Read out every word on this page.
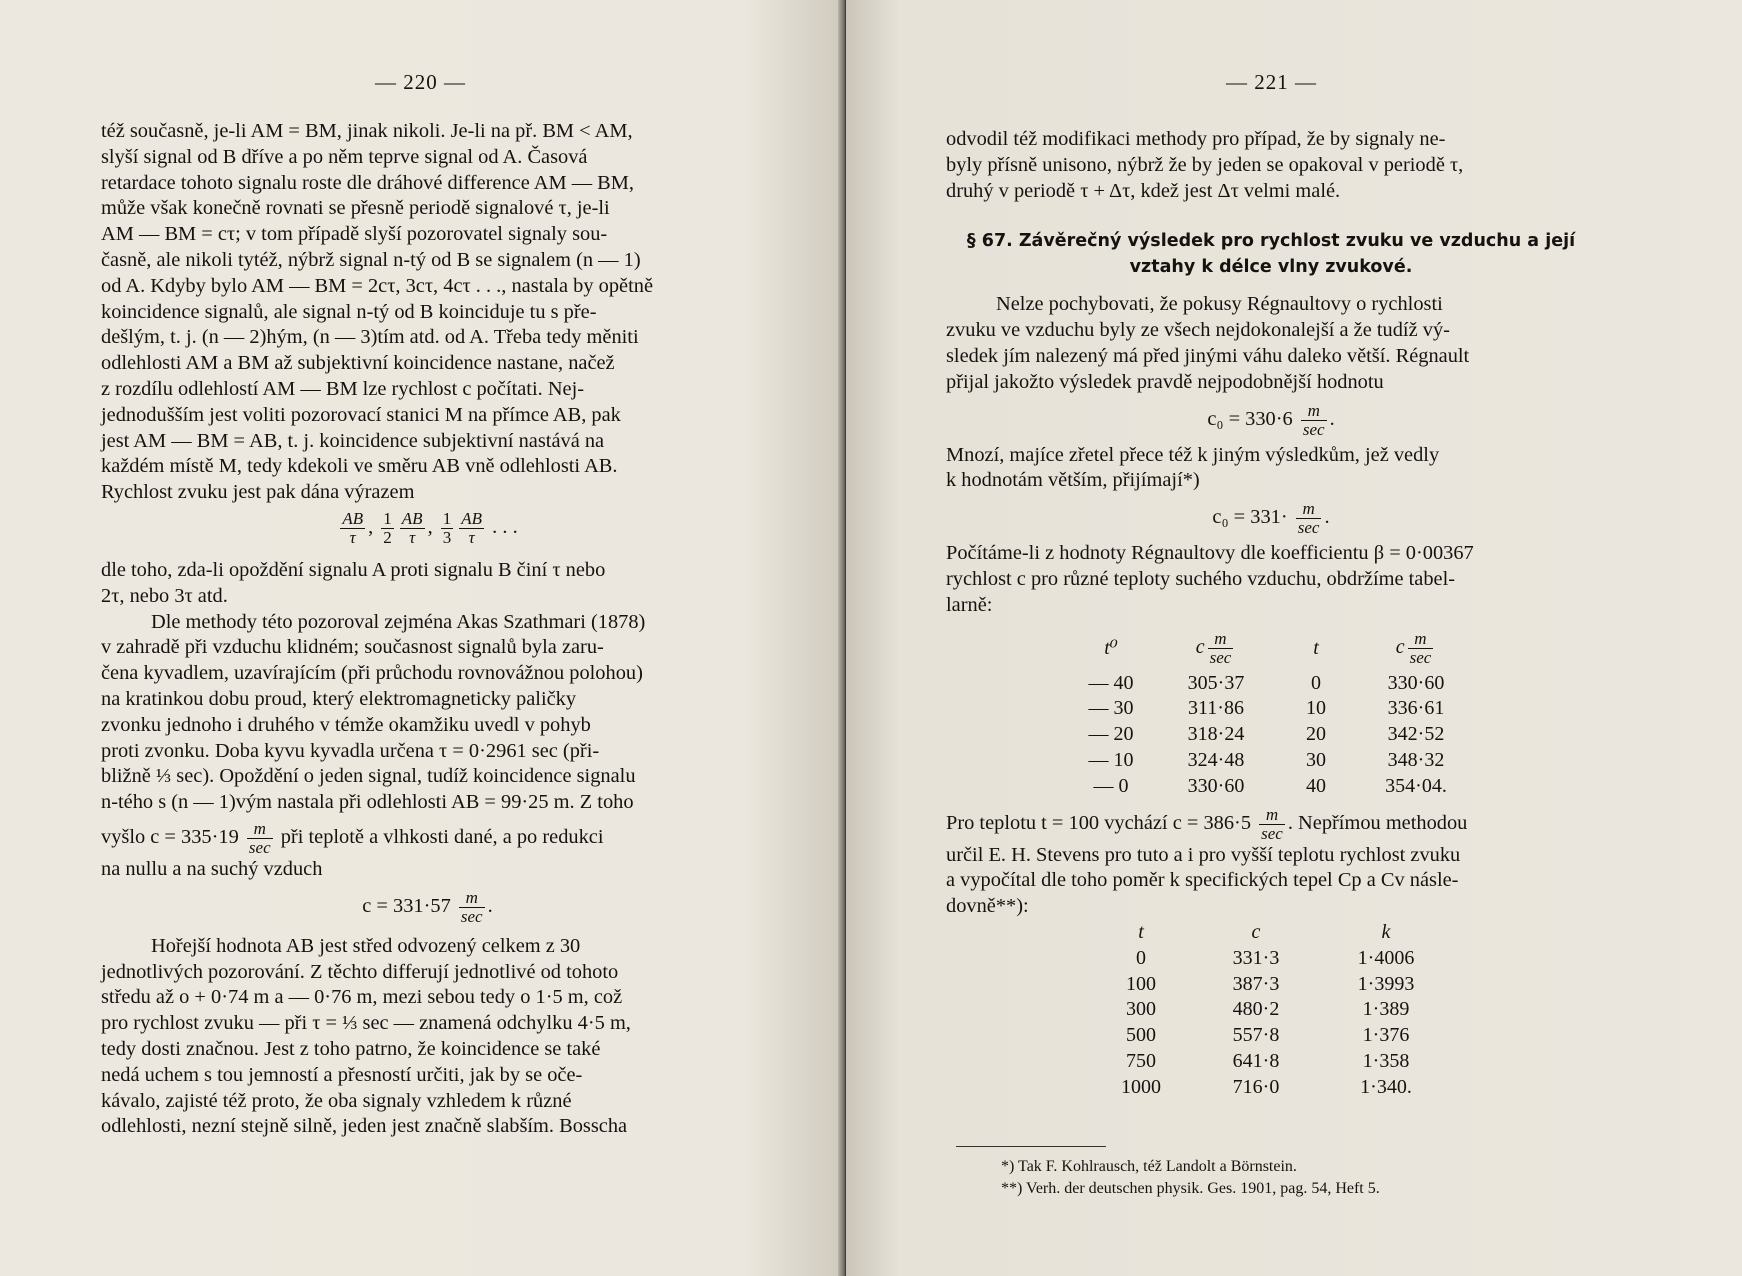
— 220 —

též současně, je-li AM = BM, jinak nikoli. Je-li na př. BM < AM,

slyší signal od B dříve a po něm teprve signal od A. Časová

retardace tohoto signalu roste dle dráhové difference AM — BM,

může však konečně rovnati se přesně periodě signalové τ, je-li

AM — BM = cτ; v tom případě slyší pozorovatel signaly sou-

časně, ale nikoli tytéž, nýbrž signal n-tý od B se signalem (n — 1)

od A. Kdyby bylo AM — BM = 2cτ, 3cτ, 4cτ . . ., nastala by opětně

koincidence signalů, ale signal n-tý od B koinciduje tu s pře-

dešlým, t. j. (n — 2)hým, (n — 3)tím atd. od A. Třeba tedy měniti

odlehlosti AM a BM až subjektivní koincidence nastane, načež

z rozdílu odlehlostí AM — BM lze rychlost c počítati. Nej-

jednodušším jest voliti pozorovací stanici M na přímce AB, pak

jest AM — BM = AB, t. j. koincidence subjektivní nastává na

každém místě M, tedy kdekoli ve směru AB vně odlehlosti AB.

Rychlost zvuku jest pak dána výrazem

$\frac{AB}{\tau}$ , $\frac{1}{2} \frac{AB}{\tau}$ , $\frac{1}{3} \frac{AB}{\tau}$ . . .

dle toho, zda-li opoždění signalu A proti signalu B činí τ nebo

2τ, nebo 3τ atd.

Dle methody této pozoroval zejména Akas Szathmari (1878)

v zahradě při vzduchu klidném; současnost signalů byla zaru-

čena kyvadlem, uzavírajícím (při průchodu rovnovážnou polohou)

na kratinkou dobu proud, který elektromagneticky paličky

zvonku jednoho i druhého v témže okamžiku uvedl v pohyb

proti zvonku. Doba kyvu kyvadla určena τ = 0·2961 sec (při-

bližně ⅓ sec). Opoždění o jeden signal, tudíž koincidence signalu

n-tého s (n — 1)vým nastala při odlehlosti AB = 99·25 m. Z toho

vyšlo $c = 335\cdot 19 \frac{m}{\sec}$ při teplotě a vlhkosti dané, a po redukci

na nullu a na suchý vzduch

$c = 331\cdot 57 \frac{m}{\sec}$ .

Hořejší hodnota AB jest střed odvozený celkem z 30

jednotlivých pozorování. Z těchto differují jednotlivé od tohoto

středu až o + 0·74 m a — 0·76 m, mezi sebou tedy o 1·5 m, což

pro rychlost zvuku — při τ = ⅓ sec — znamená odchylku 4·5 m,

tedy dosti značnou. Jest z toho patrno, že koincidence se také

nedá uchem s tou jemností a přesností určiti, jak by se oče-

kávalo, zajisté též proto, že oba signaly vzhledem k různé

odlehlosti, nezní stejně silně, jeden jest značně slabším. Bosscha

— 221 —

odvodil též modifikaci methody pro případ, že by signaly ne-

byly přísně unisono, nýbrž že by jeden se opakoval v periodě τ,

druhý v periodě τ + Δτ, kdež jest Δτ velmi malé.

§ 67. Závěrečný výsledek pro rychlost zvuku ve vzduchu a její
vztahy k délce vlny zvukové.

Nelze pochybovati, že pokusy Régnaultovy o rychlosti

zvuku ve vzduchu byly ze všech nejdokonalejší a že tudíž vý-

sledek jím nalezený má před jinými váhu daleko větší. Régnault

přijal jakožto výsledek pravdě nejpodobnější hodnotu

$c_0 = 330\cdot 6 \frac{m}{\sec}$ .

Mnozí, majíce zřetel přece též k jiným výsledkům, jež vedly

k hodnotám větším, přijímají*)

$c_0 = 331\cdot \frac{m}{\sec}$ .

Počítáme-li z hodnoty Régnaultovy dle koefficientu β = 0·00367

rychlost c pro různé teploty suchého vzduchu, obdržíme tabel-

larně:

t⁰	c $\frac{m}{\sec}$	t	c $\frac{m}{\sec}$

— 40	305·37	0	330·60
— 30	311·86	10	336·61
— 20	318·24	20	342·52
— 10	324·48	30	348·32
— 0	330·60	40	354·04.

Pro teplotu t = 100 vychází $c = 386\cdot 5 \frac{m}{\sec}$ . Nepřímou methodou

určil E. H. Stevens pro tuto a i pro vyšší teplotu rychlost zvuku

a vypočítal dle toho poměr k specifických tepel Cp a Cv násle-

dovně**):

t	c	k
0	331·3	1·4006
100	387·3	1·3993
300	480·2	1·389
500	557·8	1·376
750	641·8	1·358
1000	716·0	1·340.
*) Tak F. Kohlrausch, též Landolt a Börnstein.
**) Verh. der deutschen physik. Ges. 1901, pag. 54, Heft 5.
